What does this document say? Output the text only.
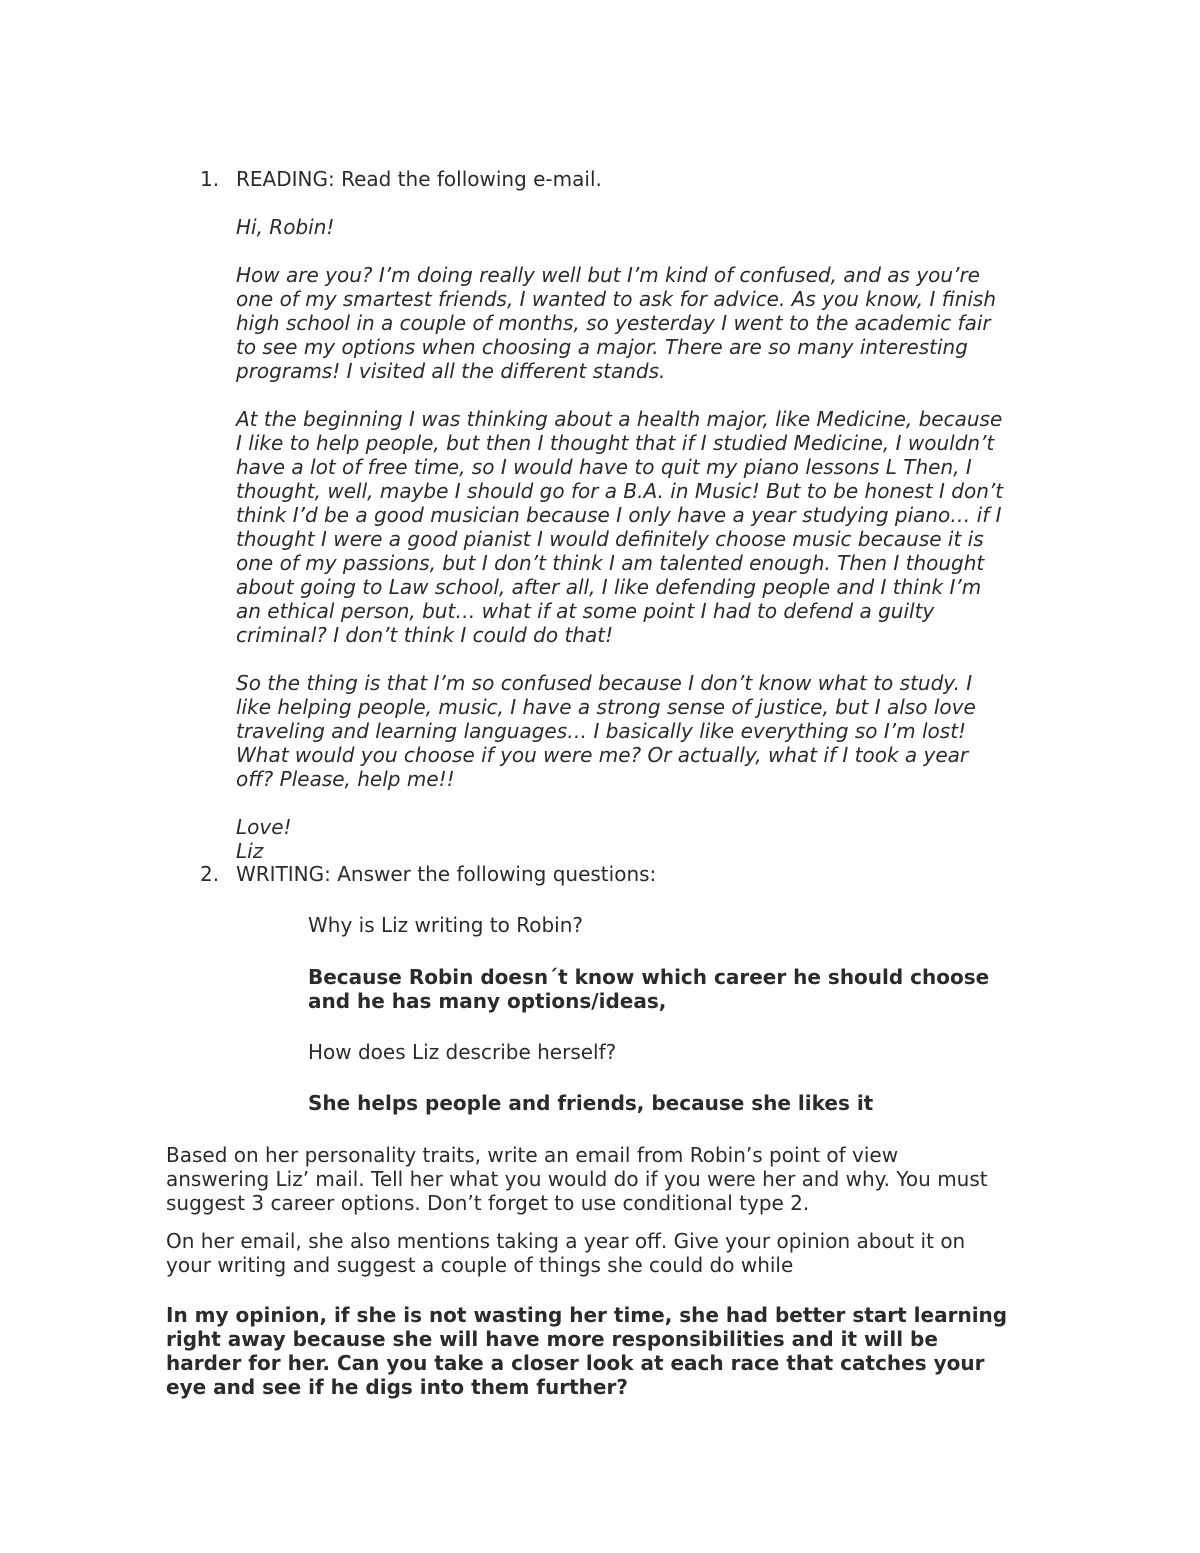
1. READING: Read the following e-mail.

Hi, Robin!

How are you? I’m doing really well but I’m kind of confused, and as you’re

one of my smartest friends, I wanted to ask for advice. As you know, I finish

high school in a couple of months, so yesterday I went to the academic fair

to see my options when choosing a major. There are so many interesting

programs! I visited all the different stands.

At the beginning I was thinking about a health major, like Medicine, because

I like to help people, but then I thought that if I studied Medicine, I wouldn’t

have a lot of free time, so I would have to quit my piano lessons L Then, I

thought, well, maybe I should go for a B.A. in Music! But to be honest I don’t

think I’d be a good musician because I only have a year studying piano… if I

thought I were a good pianist I would definitely choose music because it is

one of my passions, but I don’t think I am talented enough. Then I thought

about going to Law school, after all, I like defending people and I think I’m

an ethical person, but… what if at some point I had to defend a guilty

criminal? I don’t think I could do that!

So the thing is that I’m so confused because I don’t know what to study. I

like helping people, music, I have a strong sense of justice, but I also love

traveling and learning languages… I basically like everything so I’m lost!

What would you choose if you were me? Or actually, what if I took a year

off? Please, help me!!

Love!

Liz

2. WRITING: Answer the following questions:

Why is Liz writing to Robin?

Because Robin doesn´t know which career he should choose

and he has many options/ideas,

How does Liz describe herself?

She helps people and friends, because she likes it

Based on her personality traits, write an email from Robin’s point of view

answering Liz’ mail. Tell her what you would do if you were her and why. You must

suggest 3 career options. Don’t forget to use conditional type 2.

On her email, she also mentions taking a year off. Give your opinion about it on

your writing and suggest a couple of things she could do while

In my opinion, if she is not wasting her time, she had better start learning

right away because she will have more responsibilities and it will be

harder for her. Can you take a closer look at each race that catches your

eye and see if he digs into them further?
